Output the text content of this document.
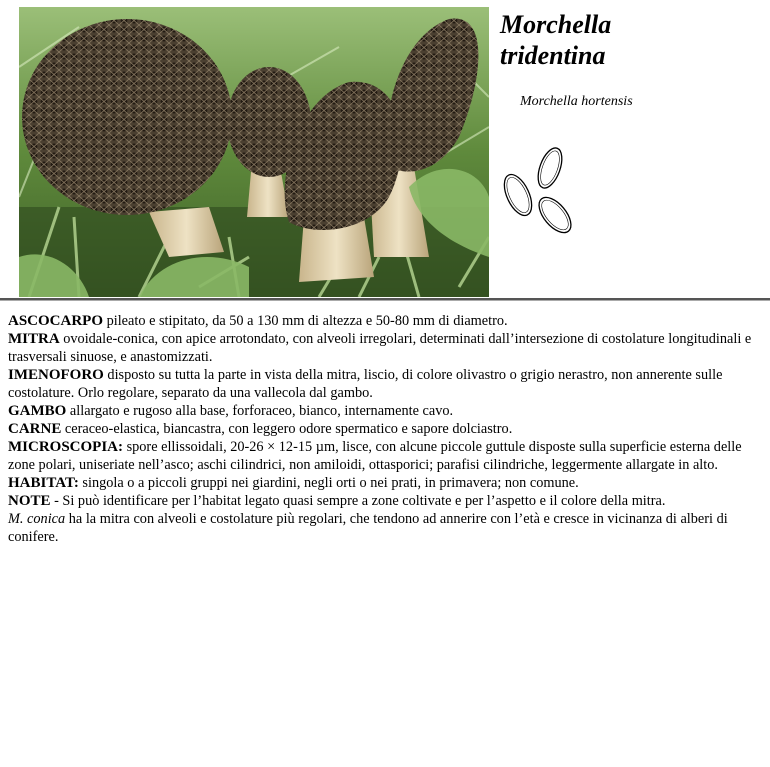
Morchella
tridentina
Morchella hortensis

ASCOCARPO pileato e stipitato, da 50 a 130 mm di altezza e 50-80 mm di diametro.

MITRA ovoidale-conica, con apice arrotondato, con alveoli irregolari, determinati dall’intersezione di costolature longitudinali e trasversali sinuose, e anastomizzati.

IMENOFORO disposto su tutta la parte in vista della mitra, liscio, di colore olivastro o grigio nerastro, non annerente sulle costolature. Orlo regolare, separato da una vallecola dal gambo.

GAMBO allargato e rugoso alla base, forforaceo, bianco, internamente cavo.

CARNE ceraceo-elastica, biancastra, con leggero odore spermatico e sapore dolciastro.

MICROSCOPIA: spore ellissoidali, 20-26 × 12-15 µm, lisce, con alcune piccole guttule disposte sulla superficie esterna delle zone polari, uniseriate nell’asco; aschi cilindrici, non amiloidi, ottasporici; parafisi cilindriche, leggermente allargate in alto.

HABITAT: singola o a piccoli gruppi nei giardini, negli orti o nei prati, in primavera; non comune.

NOTE - Si può identificare per l’habitat legato quasi sempre a zone coltivate e per l’aspetto e il colore della mitra.

M. conica ha la mitra con alveoli e costolature più regolari, che tendono ad annerire con l’età e cresce in vicinanza di alberi di conifere.
